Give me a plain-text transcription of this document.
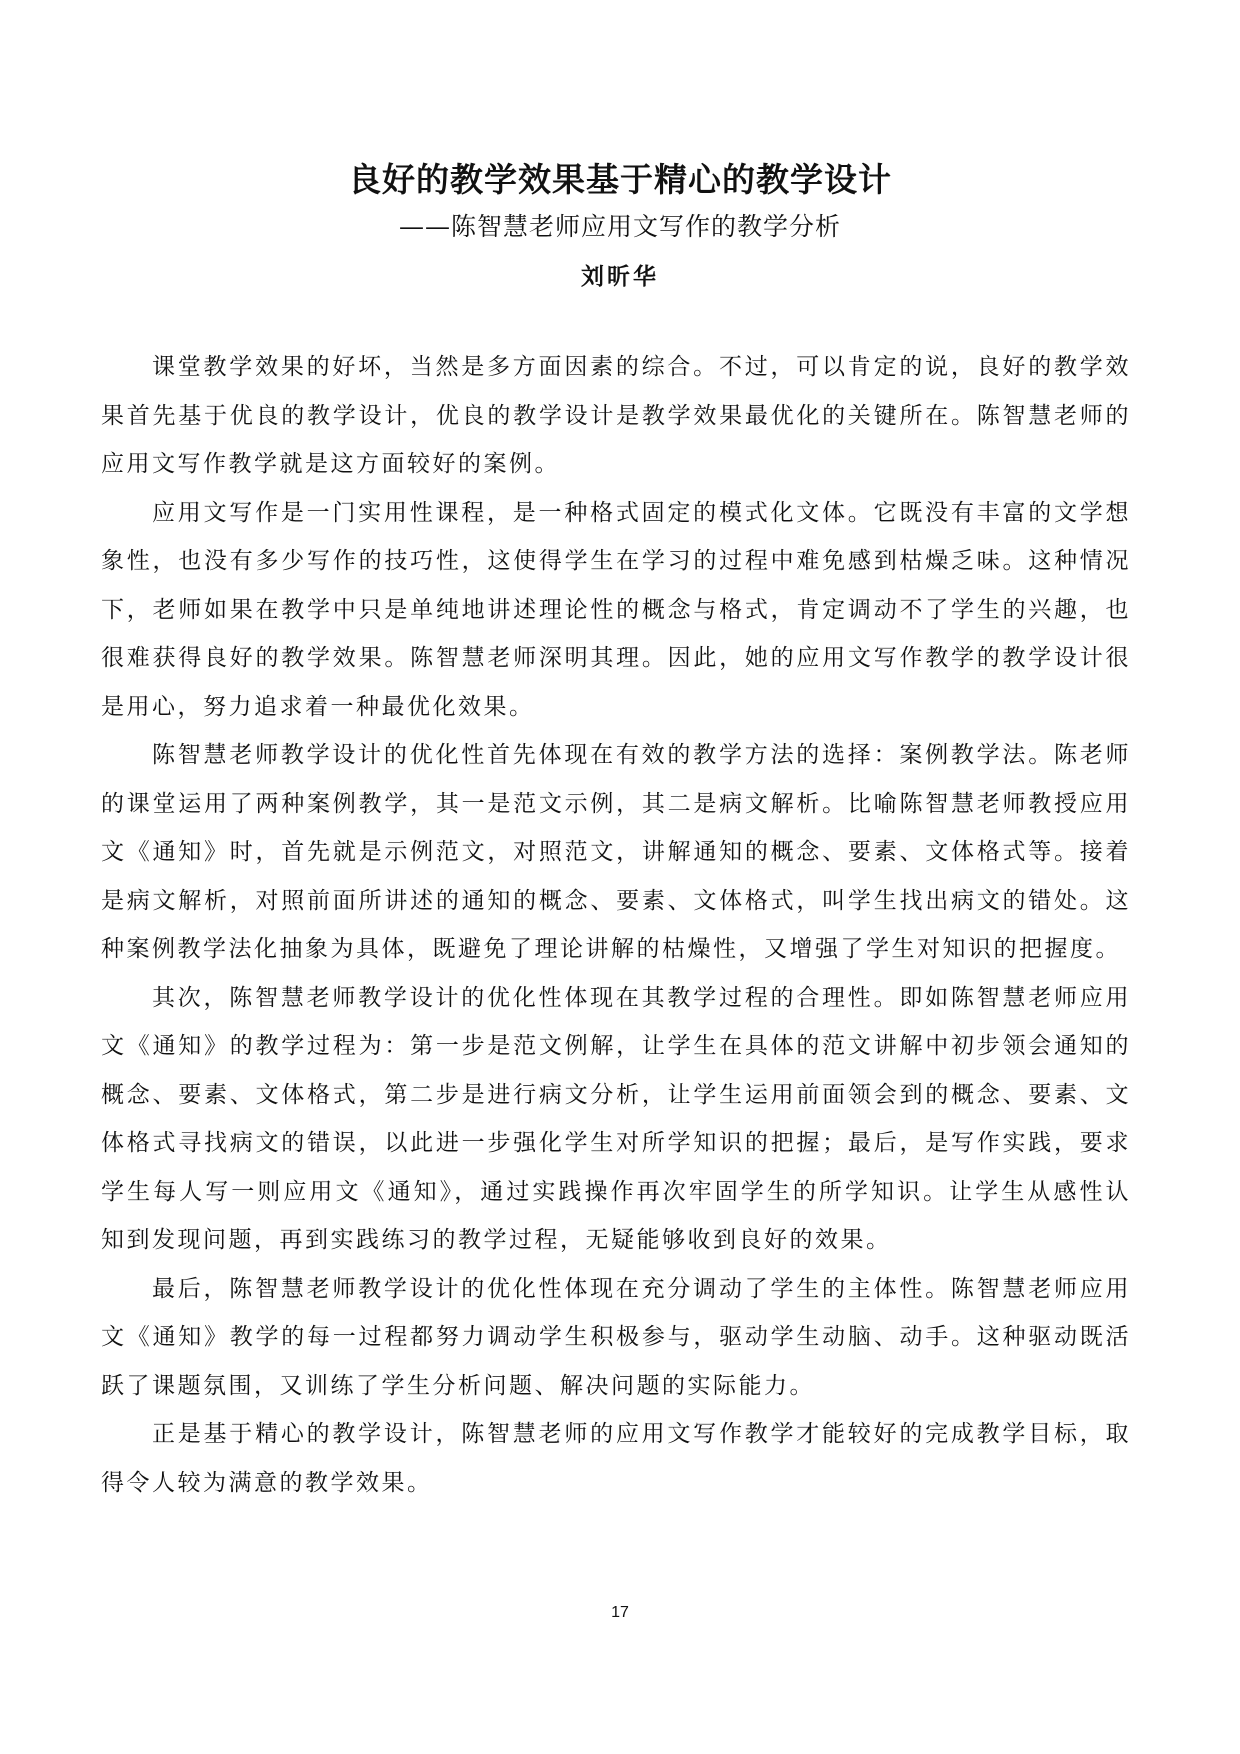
良好的教学效果基于精心的教学设计
——陈智慧老师应用文写作的教学分析
刘昕华

课堂教学效果的好坏，当然是多方面因素的综合。不过，可以肯定的说，良好的教学效果首先基于优良的教学设计，优良的教学设计是教学效果最优化的关键所在。陈智慧老师的应用文写作教学就是这方面较好的案例。

应用文写作是一门实用性课程，是一种格式固定的模式化文体。它既没有丰富的文学想象性，也没有多少写作的技巧性，这使得学生在学习的过程中难免感到枯燥乏味。这种情况下，老师如果在教学中只是单纯地讲述理论性的概念与格式，肯定调动不了学生的兴趣，也很难获得良好的教学效果。陈智慧老师深明其理。因此，她的应用文写作教学的教学设计很是用心，努力追求着一种最优化效果。

陈智慧老师教学设计的优化性首先体现在有效的教学方法的选择：案例教学法。陈老师的课堂运用了两种案例教学，其一是范文示例，其二是病文解析。比喻陈智慧老师教授应用文《通知》时，首先就是示例范文，对照范文，讲解通知的概念、要素、文体格式等。接着是病文解析，对照前面所讲述的通知的概念、要素、文体格式，叫学生找出病文的错处。这种案例教学法化抽象为具体，既避免了理论讲解的枯燥性，又增强了学生对知识的把握度。

其次，陈智慧老师教学设计的优化性体现在其教学过程的合理性。即如陈智慧老师应用文《通知》的教学过程为：第一步是范文例解，让学生在具体的范文讲解中初步领会通知的概念、要素、文体格式，第二步是进行病文分析，让学生运用前面领会到的概念、要素、文体格式寻找病文的错误，以此进一步强化学生对所学知识的把握；最后，是写作实践，要求学生每人写一则应用文《通知》，通过实践操作再次牢固学生的所学知识。让学生从感性认知到发现问题，再到实践练习的教学过程，无疑能够收到良好的效果。

最后，陈智慧老师教学设计的优化性体现在充分调动了学生的主体性。陈智慧老师应用文《通知》教学的每一过程都努力调动学生积极参与，驱动学生动脑、动手。这种驱动既活跃了课题氛围，又训练了学生分析问题、解决问题的实际能力。

正是基于精心的教学设计，陈智慧老师的应用文写作教学才能较好的完成教学目标，取得令人较为满意的教学效果。

17
